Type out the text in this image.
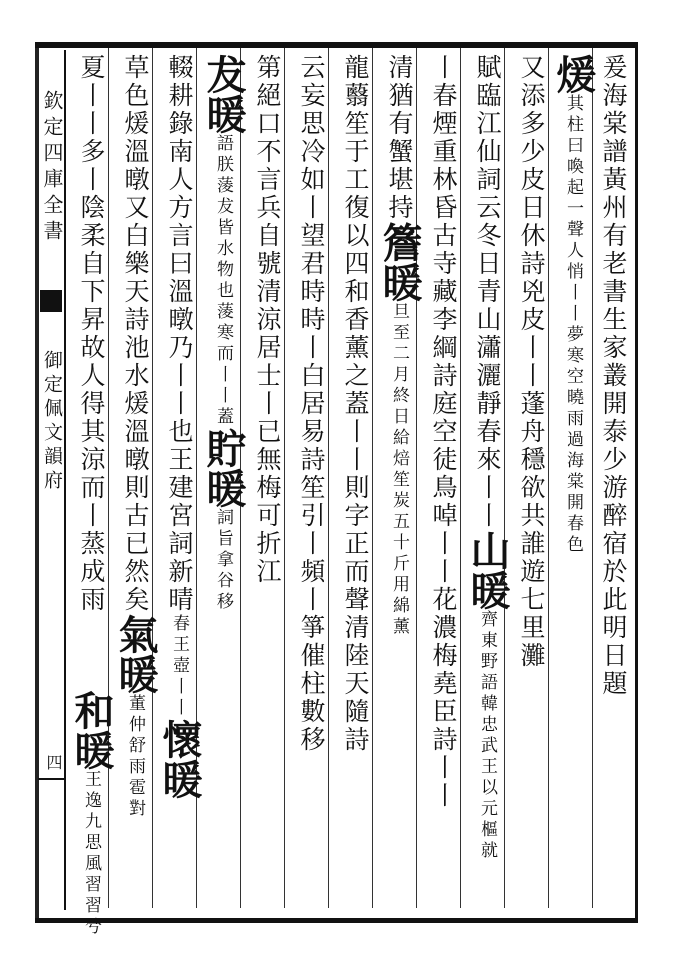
欽定四庫全書
御定佩文韻府
四
爰海棠譜黃州有老書生家叢開泰少游醉宿於此明日題
煖其柱曰喚起一聲人悄丨丨夢寒空曉雨過海棠開春色
又添多少皮日休詩兇皮丨丨蓬舟穩欲共誰遊七里灘
賦臨江仙詞云冬日青山瀟灑靜春來丨丨山暖齊東野語韓忠武王以元樞就
丨春煙重林昏古寺藏李綱詩庭空徒鳥啅丨丨花濃梅堯臣詩丨丨
清猶有蟹堪持簷暖旦至二月終日給焙笙炭五十斤用綿薰
龍蘙笙于工復以四和香薰之蓋丨丨則字正而聲清陸天隨詩
云妄思冷如丨望君時時丨白居易詩笙引丨頻丨箏催柱數移
第絕口不言兵自號清涼居士丨已無梅可折江
犮暖語朕蔆犮皆水物也蔆寒而丨丨蓋貯暖詞旨拿谷移
輟耕錄南人方言曰溫暾乃丨丨也王建宮詞新晴春王壺丨丨懷暖
草色煖溫暾又白樂天詩池水煖溫暾則古已然矣氣暖董仲舒雨雹對
夏丨丨多丨陰柔自下昇故人得其涼而丨蒸成雨
和暖王逸九思風習習兮
